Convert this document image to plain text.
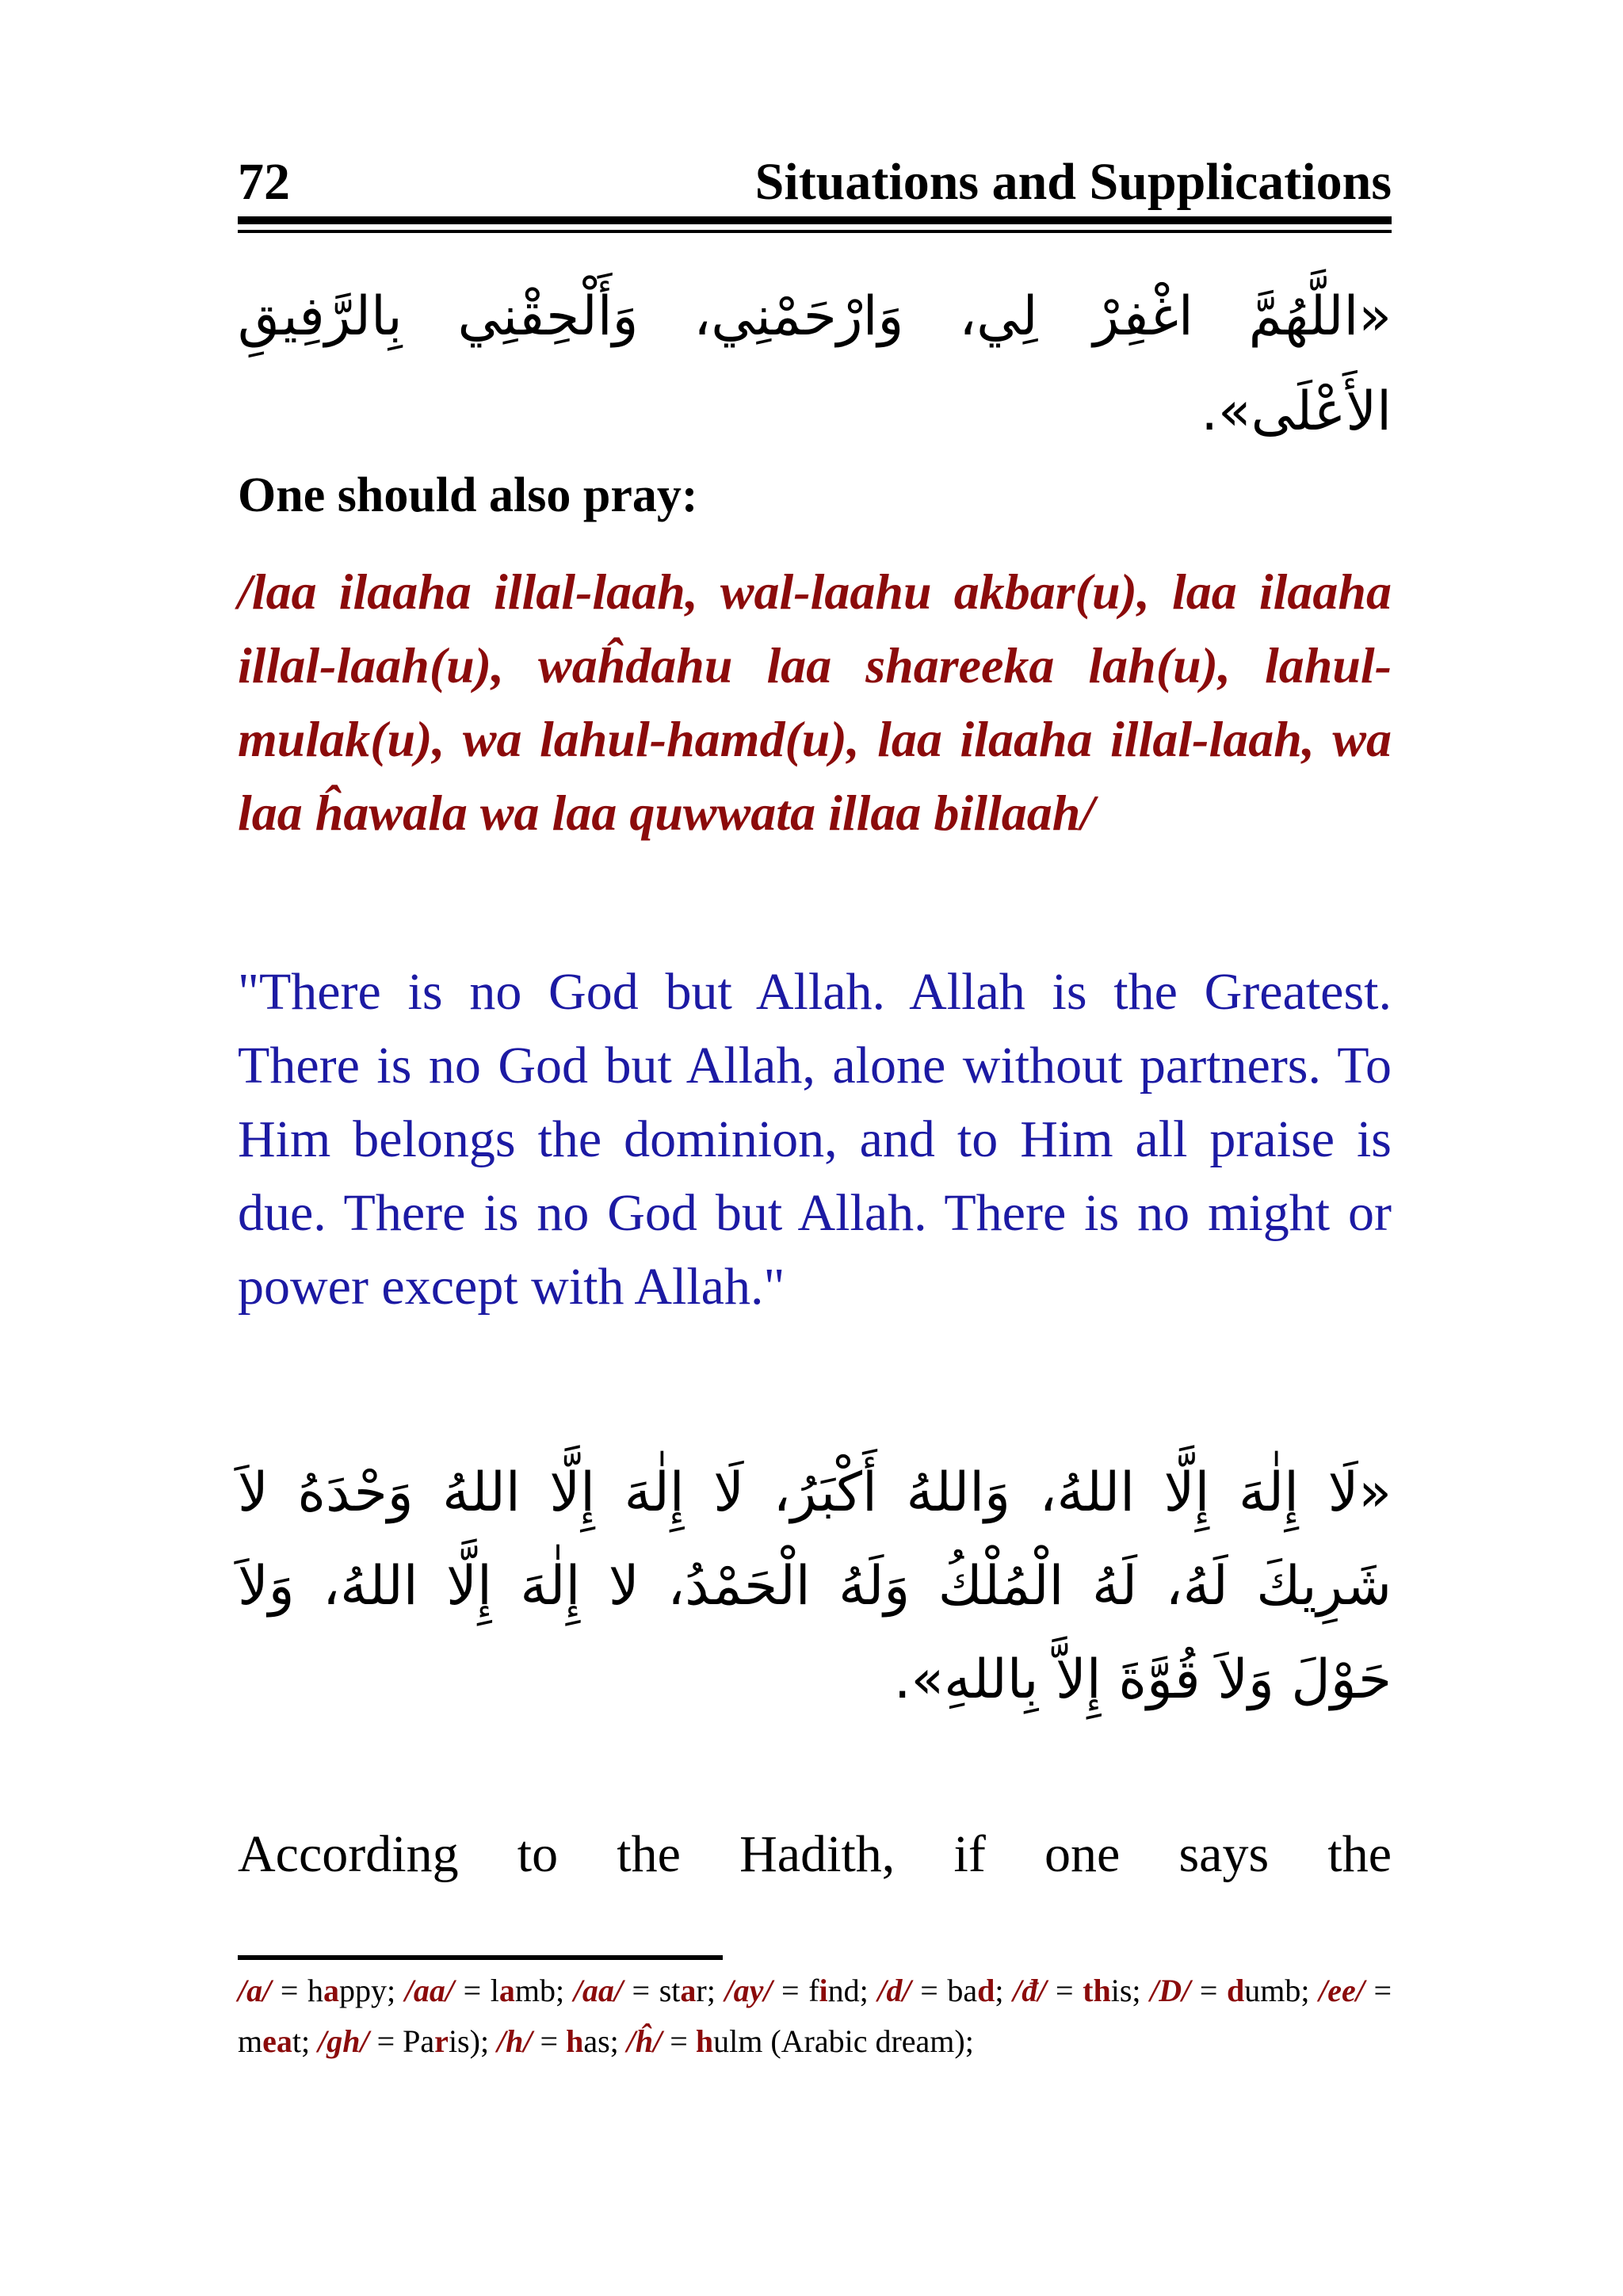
72	Situations and Supplications
«اللَّهُمَّ اغْفِرْ لِي، وَارْحَمْنِي، وَأَلْحِقْنِي بِالرَّفِيقِ الأَعْلَى».
One should also pray:
/laa ilaaha illal-laah, wal-laahu akbar(u), laa ilaaha illal-laah(u), waĥdahu laa shareeka lah(u), lahul-mulak(u), wa lahul-hamd(u), laa ilaaha illal-laah, wa laa ĥawala wa laa quwwata illaa billaah/
"There is no God but Allah. Allah is the Greatest. There is no God but Allah, alone without partners. To Him belongs the dominion, and to Him all praise is due. There is no God but Allah. There is no might or power except with Allah."
«لَا إِلٰهَ إِلَّا اللهُ، وَاللهُ أَكْبَرُ، لَا إِلٰهَ إِلَّا اللهُ وَحْدَهُ لاَ شَرِيكَ لَهُ، لَهُ الْمُلْكُ وَلَهُ الْحَمْدُ، لا إِلٰهَ إِلَّا اللهُ، وَلاَ حَوْلَ وَلاَ قُوَّةَ إِلاَّ بِاللهِ».
According to the Hadith, if one says the
/a/ = happy; /aa/ = lamb; /aa/ = star; /ay/ = find; /d/ = bad; /đ/ = this; /D/ = dumb; /ee/ = meat; /gh/ = Paris); /h/ = has; /ĥ/ = hulm (Arabic dream);
